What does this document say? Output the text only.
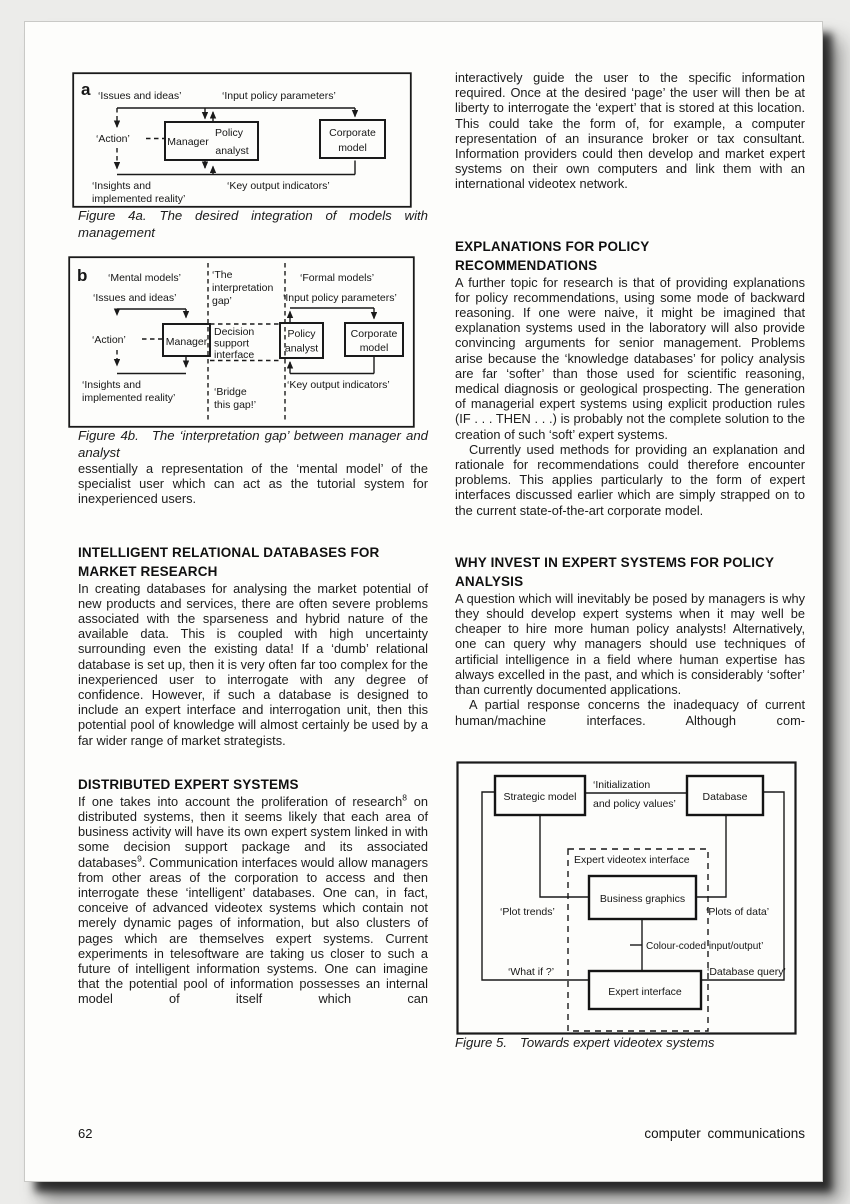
a ‘Issues and ideas’	‘Input policy parameters’
‘Action’	Manager
Policy
analyst
Corporate
model
‘Insights and
implemented reality’
‘Key output indicators’

Figure 4a. The desired integration of models with management

b ‘Mental models’	‘The
interpretation
gap’
‘Formal models’
‘Issues and ideas’	‘Input policy parameters’
‘Action’	Manager
Decision
support
interface
Policy
analyst
Corporate
model
‘Insights and
implemented reality’	‘Bridge
this gap!’
‘Key output indicators’

Figure 4b. The ‘interpretation gap’ between manager and analyst

essentially a representation of the ‘mental model’ of the specialist user which can act as the tutorial system for inexperienced users.

INTELLIGENT RELATIONAL DATABASES FOR MARKET RESEARCH

In creating databases for analysing the market potential of new products and services, there are often severe problems associated with the sparseness and hybrid nature of the available data. This is coupled with high uncertainty surrounding even the existing data! If a ‘dumb’ relational database is set up, then it is very often far too complex for the inexperienced user to interrogate with any degree of confidence. However, if such a database is designed to include an expert interface and interrogation unit, then this potential pool of knowledge will almost certainly be used by a far wider range of market strategists.

DISTRIBUTED EXPERT SYSTEMS

If one takes into account the proliferation of research$^8$ on distributed systems, then it seems likely that each area of business activity will have its own expert system linked in with some decision support package and its associated databases$^9$. Communication interfaces would allow managers from other areas of the corporation to access and then interrogate these ‘intelligent’ databases. One can, in fact, conceive of advanced videotex systems which contain not merely dynamic pages of information, but also clusters of pages which are themselves expert systems. Current experiments in telesoftware are taking us closer to such a future of intelligent information systems. One can imagine that the potential pool of information possesses an internal model of itself which can

interactively guide the user to the specific information required. Once at the desired ‘page’ the user will then be at liberty to interrogate the ‘expert’ that is stored at this location. This could take the form of, for example, a computer representation of an insurance broker or tax consultant. Information providers could then develop and market expert systems on their own computers and link them with an international videotex network.

EXPLANATIONS FOR POLICY RECOMMENDATIONS

A further topic for research is that of providing explanations for policy recommendations, using some mode of backward reasoning. If one were naive, it might be imagined that explanation systems used in the laboratory will also provide convincing arguments for senior management. Problems arise because the ‘knowledge databases’ for policy analysis are far ‘softer’ than those used for scientific reasoning, medical diagnosis or geological prospecting. The generation of managerial expert systems using explicit production rules (IF . . . THEN . . .) is probably not the complete solution to the creation of such ‘soft’ expert systems.

Currently used methods for providing an explanation and rationale for recommendations could therefore encounter problems. This applies particularly to the form of expert interfaces discussed earlier which are simply strapped on to the current state-of-the-art corporate model.

WHY INVEST IN EXPERT SYSTEMS FOR POLICY ANALYSIS

A question which will inevitably be posed by managers is why they should develop expert systems when it may well be cheaper to hire more human policy analysts! Alternatively, one can query why managers should use techniques of artificial intelligence in a field where human expertise has always excelled in the past, and which is considerably ‘softer’ than currently documented applications.

A partial response concerns the inadequacy of current human/machine interfaces. Although com-

Strategic model	Database
‘Initialization
and policy values’
Expert videotex interface
Business graphics
‘Plot trends’	‘Plots of data’
Colour-coded input/output’
‘What if ?’	‘Database query’
Expert interface

Figure 5. Towards expert videotex systems

62	computer communications
